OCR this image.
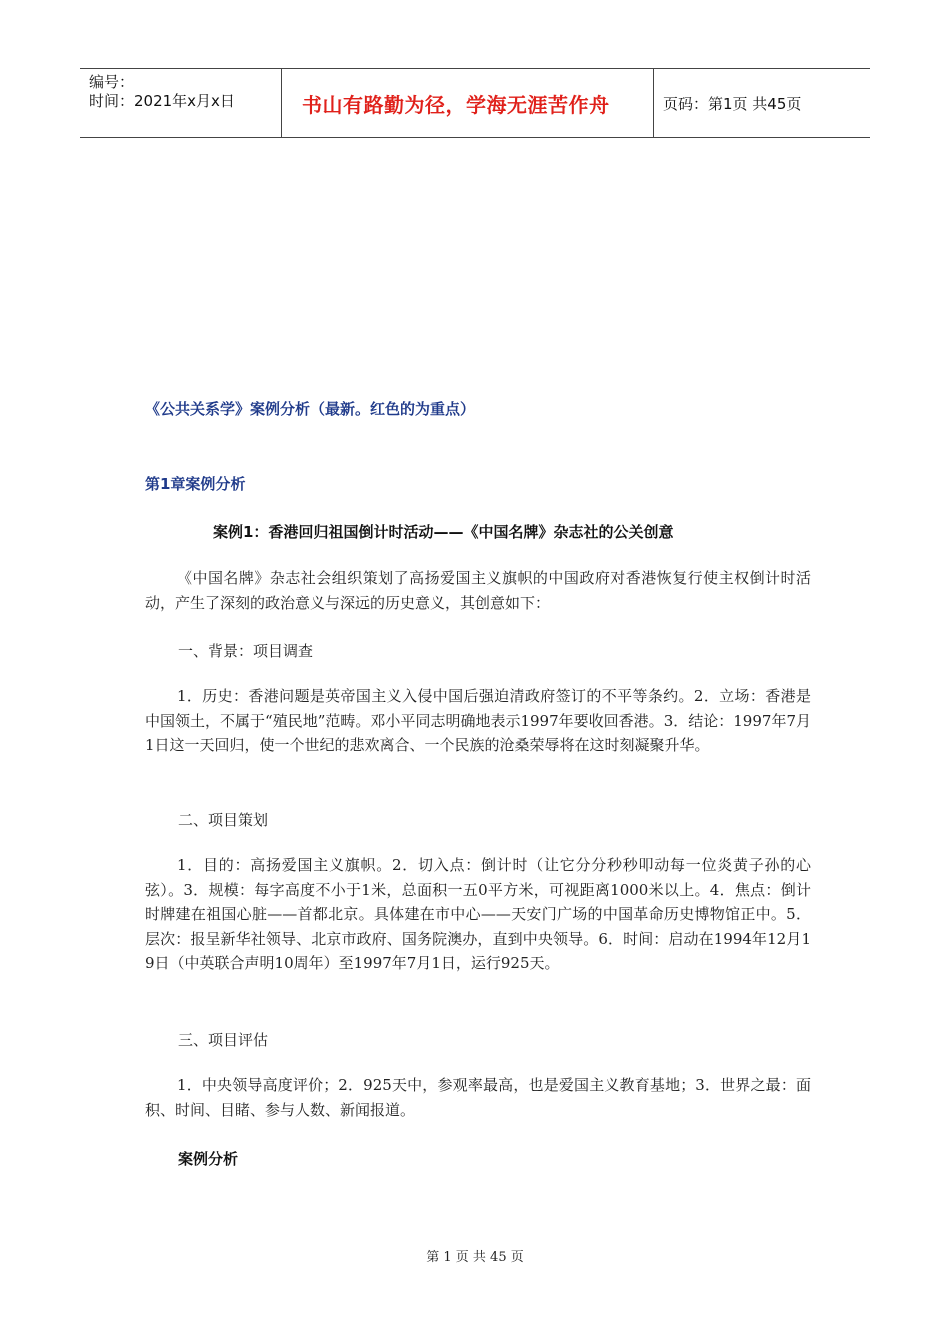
编号：
时间：2021年x月x日	书山有路勤为径，学海无涯苦作舟	页码：第1页 共45页
《公共关系学》案例分析（最新。红色的为重点）
第1章案例分析
案例1：香港回归祖国倒计时活动——《中国名牌》杂志社的公关创意
《中国名牌》杂志社会组织策划了高扬爱国主义旗帜的中国政府对香港恢复行使主权倒计时活动，产生了深刻的政治意义与深远的历史意义，其创意如下：
一、背景：项目调查
1．历史：香港问题是英帝国主义入侵中国后强迫清政府签订的不平等条约。2．立场：香港是中国领土，不属于“殖民地”范畴。邓小平同志明确地表示1997年要收回香港。3．结论：1997年7月1日这一天回归，使一个世纪的悲欢离合、一个民族的沧桑荣辱将在这时刻凝聚升华。
二、项目策划
1．目的：高扬爱国主义旗帜。2．切入点：倒计时（让它分分秒秒叩动每一位炎黄子孙的心弦）。3．规模：每字高度不小于1米，总面积一五0平方米，可视距离1000米以上。4．焦点：倒计时牌建在祖国心脏——首都北京。具体建在市中心——天安门广场的中国革命历史博物馆正中。5．层次：报呈新华社领导、北京市政府、国务院澳办，直到中央领导。6．时间：启动在1994年12月19日（中英联合声明10周年）至1997年7月1日，运行925天。
三、项目评估
1．中央领导高度评价；2．925天中，参观率最高，也是爱国主义教育基地；3．世界之最：面积、时间、目睹、参与人数、新闻报道。
案例分析
第 1 页 共 45 页
